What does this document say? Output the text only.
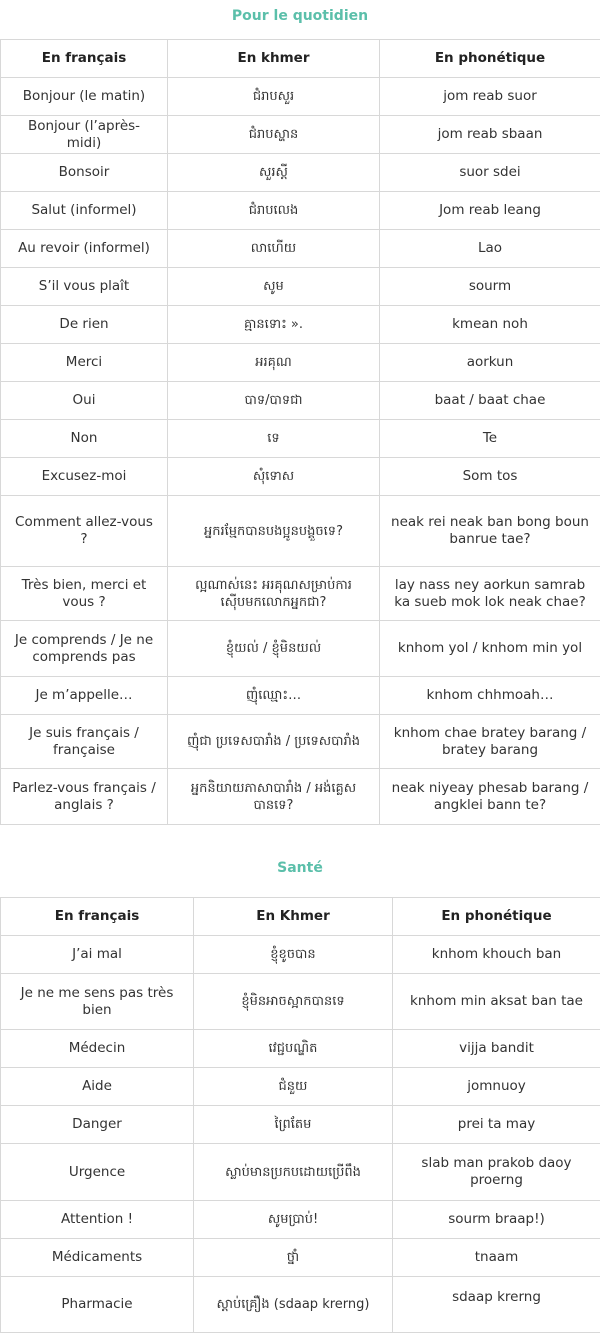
Pour le quotidien
En français	En khmer	En phonétique
Bonjour (le matin)	ជំរាបសួរ	jom reab suor
Bonjour (l’après-midi)	ជំរាបស្ហាន	jom reab sbaan
Bonsoir	សួរស្តី	suor sdei
Salut (informel)	ជំរាបលេង	Jom reab leang
Au revoir (informel)	លាហើយ	Lao
S’il vous plaît	សូម	sourm
De rien	គ្មានទោះ ».	kmean noh
Merci	អរគុណ	aorkun
Oui	បាទ/បាទជា	baat / baat chae
Non	ទេ	Te
Excusez-moi	សុំទោស	Som tos
Comment allez-vous ?	អ្នករម្មែកបានបងប្អូនបង្គួចទេ?	neak rei neak ban bong boun banrue tae?
Très bien, merci et vous ?	ល្អណាស់នេះ អរគុណសម្រាប់ការស៊ើបមកលោកអ្នកជា?	lay nass ney aorkun samrab ka sueb mok lok neak chae?
Je comprends / Je ne comprends pas	ខ្ញុំយល់ / ខ្ញុំមិនយល់	knhom yol / knhom min yol
Je m’appelle…	ញុំឈ្មោះ…	knhom chhmoah…
Je suis français / française	ញុំជា ប្រទេសបារាំង / ប្រទេសបារាំង	knhom chae bratey barang / bratey barang
Parlez-vous français / anglais ?	អ្នកនិយាយភាសាបារាំង / អង់គ្លេសបានទេ?	neak niyeay phesab barang / angklei bann te?
Santé
En français	En Khmer	En phonétique
J’ai mal	ខ្ញុំខូចបាន	knhom khouch ban
Je ne me sens pas très bien	ខ្ញុំមិនអាចស្អាកបានទេ	knhom min aksat ban tae
Médecin	វេជ្ជបណ្ឌិត	vijja bandit
Aide	ជំនួយ	jomnuoy
Danger	ព្រៃតែម	prei ta may
Urgence	ស្លាប់មានប្រកបដោយប្រើពឹង	slab man prakob daoy proerng
Attention !	សូមប្រាប់!	sourm braap!)
Médicaments	ថ្នាំ	tnaam
Pharmacie	ស្តាប់គ្រឿង (sdaap krerng)	sdaap krerng
